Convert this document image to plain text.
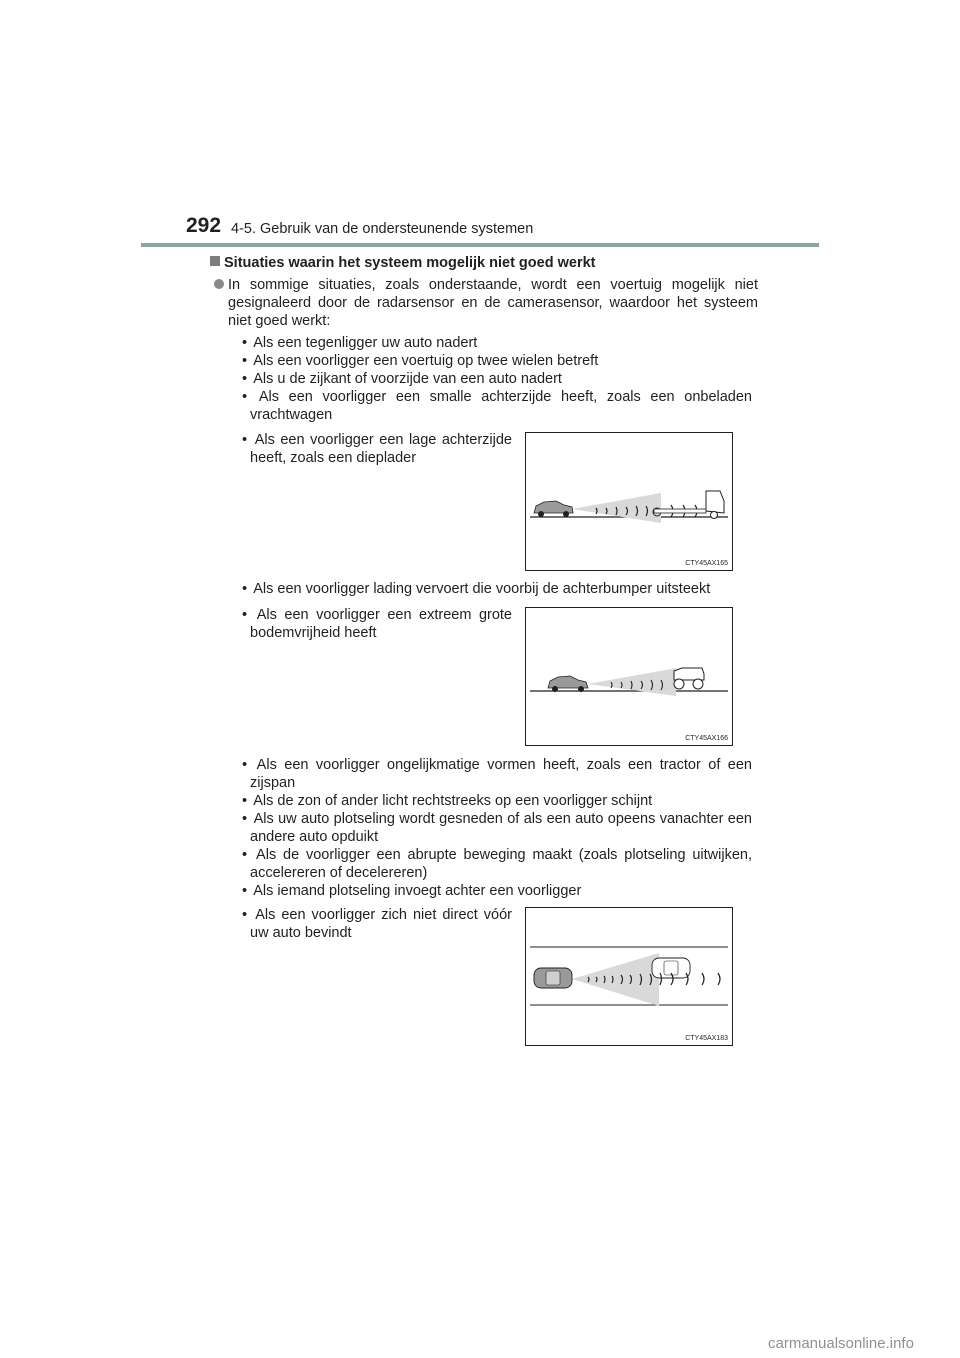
292 4-5. Gebruik van de ondersteunende systemen
Situaties waarin het systeem mogelijk niet goed werkt
In sommige situaties, zoals onderstaande, wordt een voertuig mogelijk niet gesignaleerd door de radarsensor en de camerasensor, waardoor het systeem niet goed werkt:
• Als een tegenligger uw auto nadert
• Als een voorligger een voertuig op twee wielen betreft
• Als u de zijkant of voorzijde van een auto nadert
• Als een voorligger een smalle achterzijde heeft, zoals een onbeladen vrachtwagen
• Als een voorligger een lage achterzijde heeft, zoals een dieplader
CTY45AX165
• Als een voorligger lading vervoert die voorbij de achterbumper uitsteekt
• Als een voorligger een extreem grote bodemvrijheid heeft
CTY45AX166
• Als een voorligger ongelijkmatige vormen heeft, zoals een tractor of een zijspan
• Als de zon of ander licht rechtstreeks op een voorligger schijnt
• Als uw auto plotseling wordt gesneden of als een auto opeens vanachter een andere auto opduikt
• Als de voorligger een abrupte beweging maakt (zoals plotseling uitwijken, accelereren of decelereren)
• Als iemand plotseling invoegt achter een voorligger
• Als een voorligger zich niet direct vóór uw auto bevindt
CTY45AX183
carmanualsonline.info
